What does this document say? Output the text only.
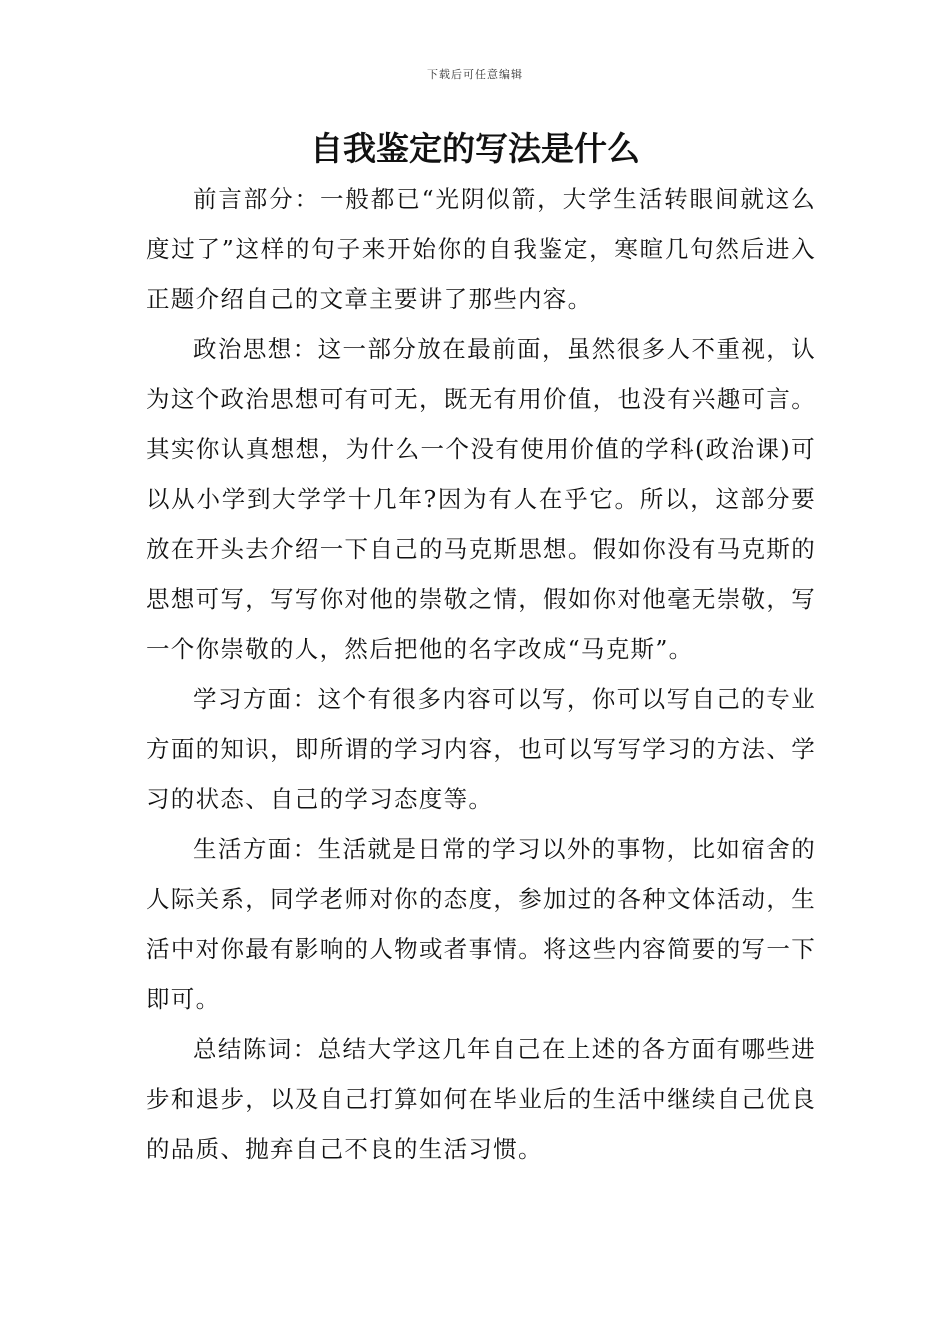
下载后可任意编辑
自我鉴定的写法是什么

前言部分：一般都已“光阴似箭，大学生活转眼间就这么度过了”这样的句子来开始你的自我鉴定，寒暄几句然后进入正题介绍自己的文章主要讲了那些内容。

政治思想：这一部分放在最前面，虽然很多人不重视，认为这个政治思想可有可无，既无有用价值，也没有兴趣可言。其实你认真想想，为什么一个没有使用价值的学科(政治课)可以从小学到大学学十几年?因为有人在乎它。所以，这部分要放在开头去介绍一下自己的马克斯思想。假如你没有马克斯的思想可写，写写你对他的崇敬之情，假如你对他毫无崇敬，写一个你崇敬的人，然后把他的名字改成“马克斯”。

学习方面：这个有很多内容可以写，你可以写自己的专业方面的知识，即所谓的学习内容，也可以写写学习的方法、学习的状态、自己的学习态度等。

生活方面：生活就是日常的学习以外的事物，比如宿舍的人际关系，同学老师对你的态度，参加过的各种文体活动，生活中对你最有影响的人物或者事情。将这些内容简要的写一下即可。

总结陈词：总结大学这几年自己在上述的各方面有哪些进步和退步，以及自己打算如何在毕业后的生活中继续自己优良的品质、抛弃自己不良的生活习惯。
